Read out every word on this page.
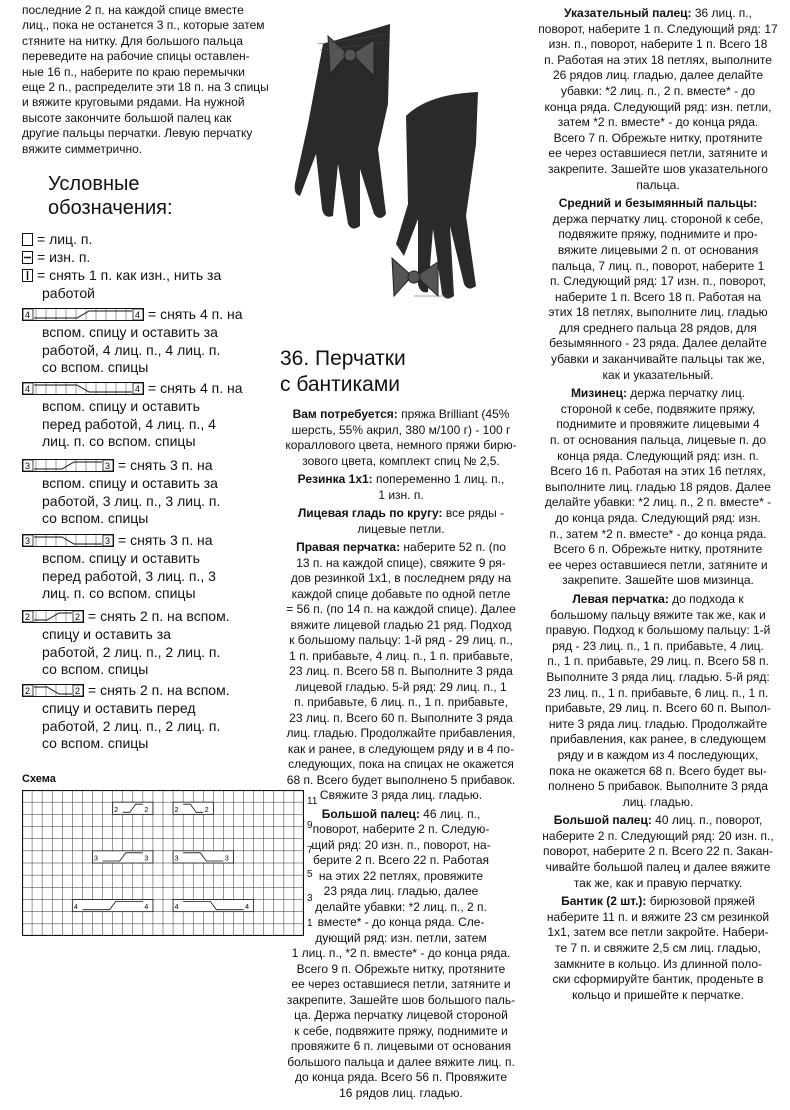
последние 2 п. на каждой спице вместе
лиц., пока не останется 3 п., которые затем
стяните на нитку. Для большого пальца
переведите на рабочие спицы оставлен-
ные 16 п., наберите по краю перемычки
еще 2 п., распределите эти 18 п. на 3 спицы
и вяжите круговыми рядами. На нужной
высоте закончите большой палец как
другие пальцы перчатки. Левую перчатку
вяжите симметрично.
Условные
обозначения:
= лиц. п.
= изн. п.
= снять 1 п. как изн., нить за
работой
4	4 = снять 4 п. на
вспом. спицу и оставить за
работой, 4 лиц. п., 4 лиц. п.
со вспом. спицы
4	4 = снять 4 п. на
вспом. спицу и оставить
перед работой, 4 лиц. п., 4
лиц. п. со вспом. спицы
3	3 = снять 3 п. на
вспом. спицу и оставить за
работой, 3 лиц. п., 3 лиц. п.
со вспом. спицы
3	3 = снять 3 п. на
вспом. спицу и оставить
перед работой, 3 лиц. п., 3
лиц. п. со вспом. спицы
2	2 = снять 2 п. на вспом.
спицу и оставить за
работой, 2 лиц. п., 2 лиц. п.
со вспом. спицы
2	2 = снять 2 п. на вспом.
спицу и оставить перед
работой, 2 лиц. п., 2 лиц. п.
со вспом. спицы
Схема
2	2	2	2
3	3	3	3
4	4	4	4
11
9
7
5
3
1
36. Перчатки
с бантиками
Вам потребуется: пряжа Brilliant (45%
шерсть, 55% акрил, 380 м/100 г) - 100 г
кораллового цвета, немного пряжи бирю-
зового цвета, комплект спиц № 2,5.
Резинка 1х1: попеременно 1 лиц. п.,
1 изн. п.
Лицевая гладь по кругу: все ряды -
лицевые петли.
Правая перчатка: наберите 52 п. (по
13 п. на каждой спице), свяжите 9 ря-
дов резинкой 1х1, в последнем ряду на
каждой спице добавьте по одной петле
= 56 п. (по 14 п. на каждой спице). Далее
вяжите лицевой гладью 21 ряд. Подход
к большому пальцу: 1-й ряд - 29 лиц. п.,
1 п. прибавьте, 4 лиц. п., 1 п. прибавьте,
23 лиц. п. Всего 58 п. Выполните 3 ряда
лицевой гладью. 5-й ряд: 29 лиц. п., 1
п. прибавьте, 6 лиц. п., 1 п. прибавьте,
23 лиц. п. Всего 60 п. Выполните 3 ряда
лиц. гладью. Продолжайте прибавления,
как и ранее, в следующем ряду и в 4 по-
следующих, пока на спицах не окажется
68 п. Всего будет выполнено 5 прибавок.
Свяжите 3 ряда лиц. гладью.
Большой палец: 46 лиц. п.,
поворот, наберите 2 п. Следую-
щий ряд: 20 изн. п., поворот, на-
берите 2 п. Всего 22 п. Работая
на этих 22 петлях, провяжите
23 ряда лиц. гладью, далее
делайте убавки: *2 лиц. п., 2 п.
вместе* - до конца ряда. Сле-
дующий ряд: изн. петли, затем
1 лиц. п., *2 п. вместе* - до конца ряда.
Всего 9 п. Обрежьте нитку, протяните
ее через оставшиеся петли, затяните и
закрепите. Зашейте шов большого паль-
ца. Держа перчатку лицевой стороной
к себе, подвяжите пряжу, поднимите и
провяжите 6 п. лицевыми от основания
большого пальца и далее вяжите лиц. п.
до конца ряда. Всего 56 п. Провяжите
16 рядов лиц. гладью.
Указательный палец: 36 лиц. п.,
поворот, наберите 1 п. Следующий ряд: 17
изн. п., поворот, наберите 1 п. Всего 18
п. Работая на этих 18 петлях, выполните
26 рядов лиц. гладью, далее делайте
убавки: *2 лиц. п., 2 п. вместе* - до
конца ряда. Следующий ряд: изн. петли,
затем *2 п. вместе* - до конца ряда.
Всего 7 п. Обрежьте нитку, протяните
ее через оставшиеся петли, затяните и
закрепите. Зашейте шов указательного
пальца.
Средний и безымянный пальцы:
держа перчатку лиц. стороной к себе,
подвяжите пряжу, поднимите и про-
вяжите лицевыми 2 п. от основания
пальца, 7 лиц. п., поворот, наберите 1
п. Следующий ряд: 17 изн. п., поворот,
наберите 1 п. Всего 18 п. Работая на
этих 18 петлях, выполните лиц. гладью
для среднего пальца 28 рядов, для
безымянного - 23 ряда. Далее делайте
убавки и заканчивайте пальцы так же,
как и указательный.
Мизинец: держа перчатку лиц.
стороной к себе, подвяжите пряжу,
поднимите и провяжите лицевыми 4
п. от основания пальца, лицевые п. до
конца ряда. Следующий ряд: изн. п.
Всего 16 п. Работая на этих 16 петлях,
выполните лиц. гладью 18 рядов. Далее
делайте убавки: *2 лиц. п., 2 п. вместе* -
до конца ряда. Следующий ряд: изн.
п., затем *2 п. вместе* - до конца ряда.
Всего 6 п. Обрежьте нитку, протяните
ее через оставшиеся петли, затяните и
закрепите. Зашейте шов мизинца.
Левая перчатка: до подхода к
большому пальцу вяжите так же, как и
правую. Подход к большому пальцу: 1-й
ряд - 23 лиц. п., 1 п. прибавьте, 4 лиц.
п., 1 п. прибавьте, 29 лиц. п. Всего 58 п.
Выполните 3 ряда лиц. гладью. 5-й ряд:
23 лиц. п., 1 п. прибавьте, 6 лиц. п., 1 п.
прибавьте, 29 лиц. п. Всего 60 п. Выпол-
ните 3 ряда лиц. гладью. Продолжайте
прибавления, как ранее, в следующем
ряду и в каждом из 4 последующих,
пока не окажется 68 п. Всего будет вы-
полнено 5 прибавок. Выполните 3 ряда
лиц. гладью.
Большой палец: 40 лиц. п., поворот,
наберите 2 п. Следующий ряд: 20 изн. п.,
поворот, наберите 2 п. Всего 22 п. Закан-
чивайте большой палец и далее вяжите
так же, как и правую перчатку.
Бантик (2 шт.): бирюзовой пряжей
наберите 11 п. и вяжите 23 см резинкой
1х1, затем все петли закройте. Набери-
те 7 п. и свяжите 2,5 см лиц. гладью,
замкните в кольцо. Из длинной поло-
ски сформируйте бантик, проденьте в
кольцо и пришейте к перчатке.
